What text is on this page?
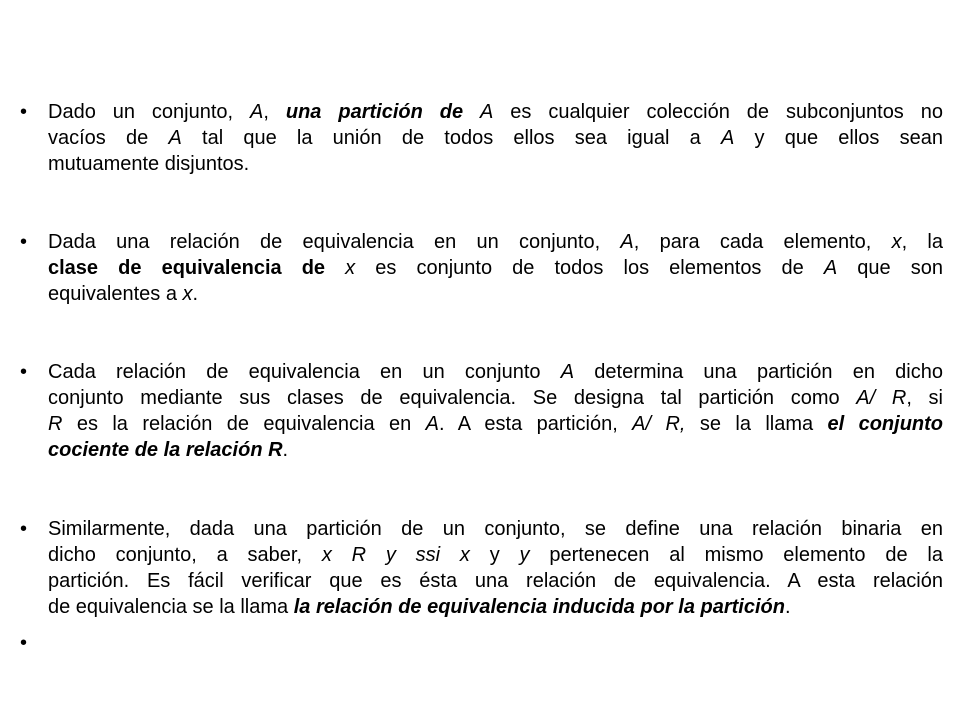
•	Dado un conjunto, A, una partición de A es cualquier colección de subconjuntos no
vacíos de A tal que la unión de todos ellos sea igual a A y que ellos sean
mutuamente disjuntos.
•	Dada una relación de equivalencia en un conjunto, A, para cada elemento, x, la
clase de equivalencia de x es conjunto de todos los elementos de A que son
equivalentes a x.
•	Cada relación de equivalencia en un conjunto A determina una partición en dicho
conjunto mediante sus clases de equivalencia. Se designa tal partición como A/ R, si
R es la relación de equivalencia en A. A esta partición, A/ R, se la llama el conjunto
cociente de la relación R.
•	Similarmente, dada una partición de un conjunto, se define una relación binaria en
dicho conjunto, a saber, x R y ssi x y y pertenecen al mismo elemento de la
partición. Es fácil verificar que es ésta una relación de equivalencia. A esta relación
de equivalencia se la llama la relación de equivalencia inducida por la partición.
•
